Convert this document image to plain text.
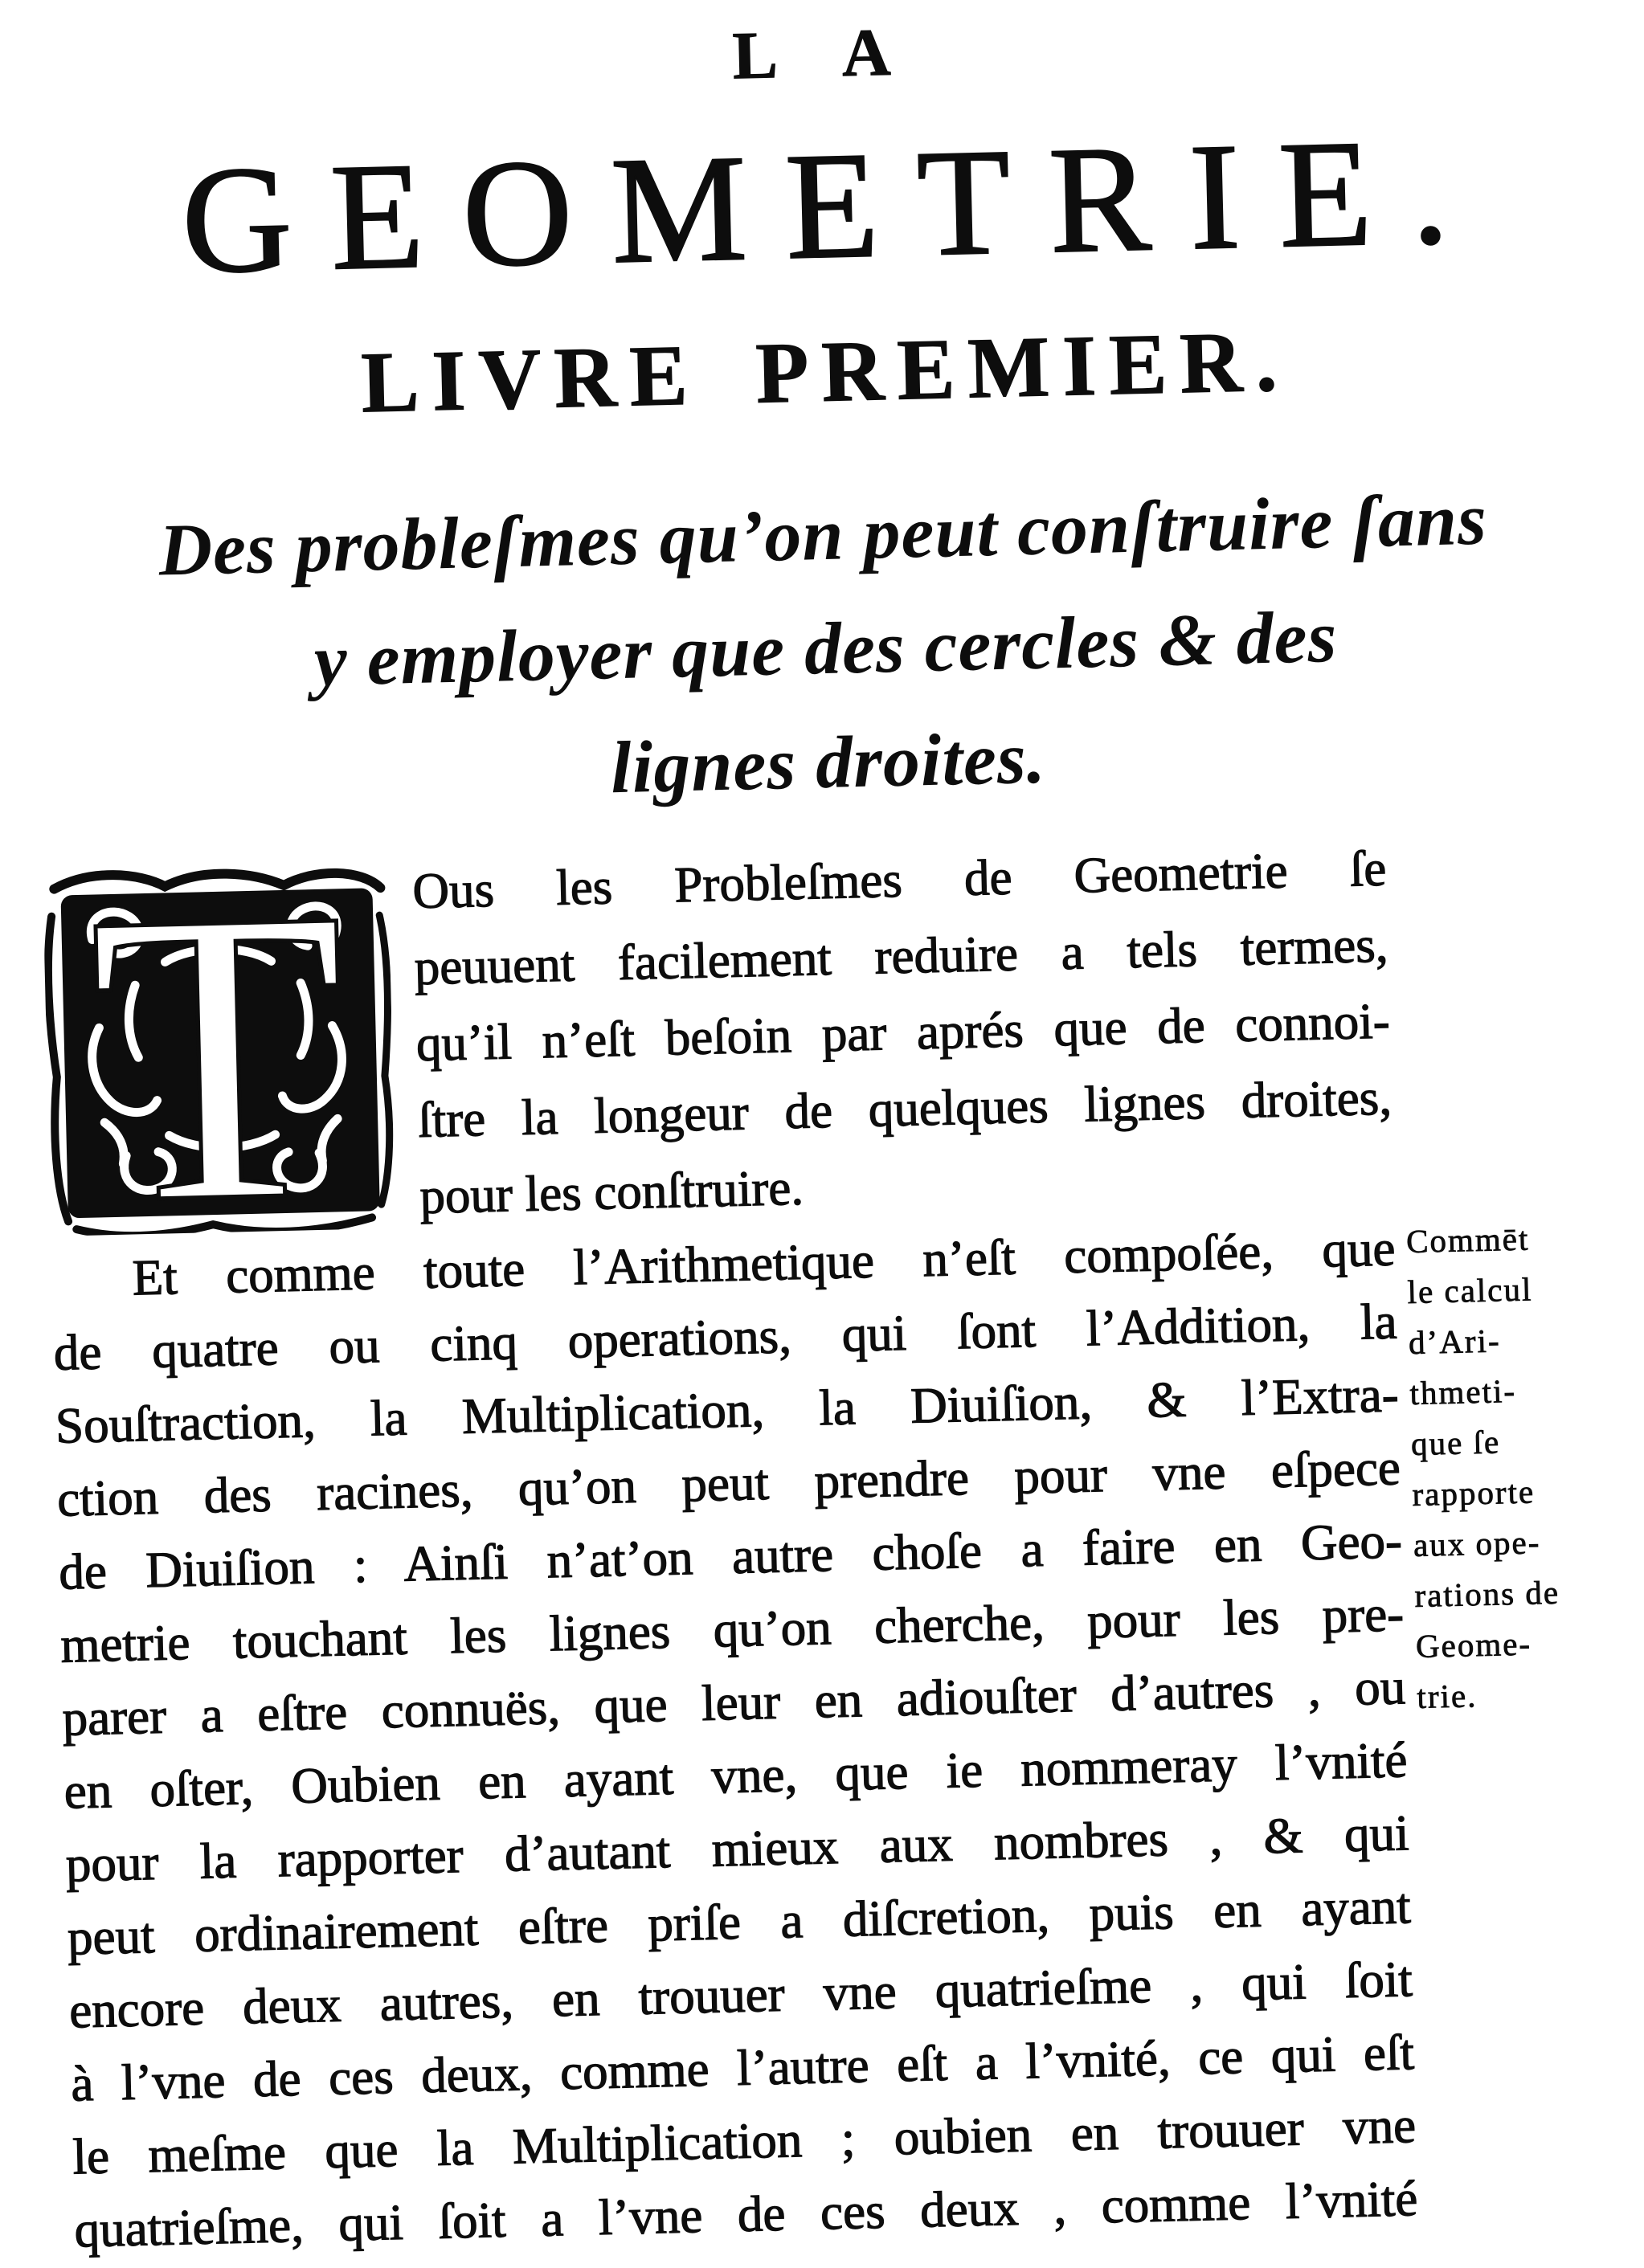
LA
GEOMETRIE.
LIVRE PREMIER.
Des probleſmes qu’on peut conſtruire ſans
y employer que des cercles & des
lignes droites.
T	Ous les Probleſmes de Geometrie ſe
peuuent facilement reduire a tels termes,
qu’il n’eſt beſoin par aprés que de connoi-
ſtre la longeur de quelques lignes droites,
pour les conſtruire.
Et comme toute l’Arithmetique n’eſt compoſée, que
de quatre ou cinq operations, qui ſont l’Addition, la
Souſtraction, la Multiplication, la Diuiſion, & l’Extra-
ction des racines, qu’on peut prendre pour vne eſpece
de Diuiſion : Ainſi n’at’on autre choſe a faire en Geo-
metrie touchant les lignes qu’on cherche, pour les pre-
parer a eſtre connuës, que leur en adiouſter d’autres , ou
en oſter, Oubien en ayant vne, que ie nommeray l’vnité
pour la rapporter d’autant mieux aux nombres , & qui
peut ordinairement eſtre priſe a diſcretion, puis en ayant
encore deux autres, en trouuer vne quatrieſme , qui ſoit
à l’vne de ces deux, comme l’autre eſt a l’vnité, ce qui eſt
le meſme que la Multiplication ; oubien en trouuer vne
quatrieſme, qui ſoit a l’vne de ces deux , comme l’vnité
Commēt
le calcul
d’Ari-
thmeti-
que ſe
rapporte
aux ope-
rations de
Geome-
trie.
